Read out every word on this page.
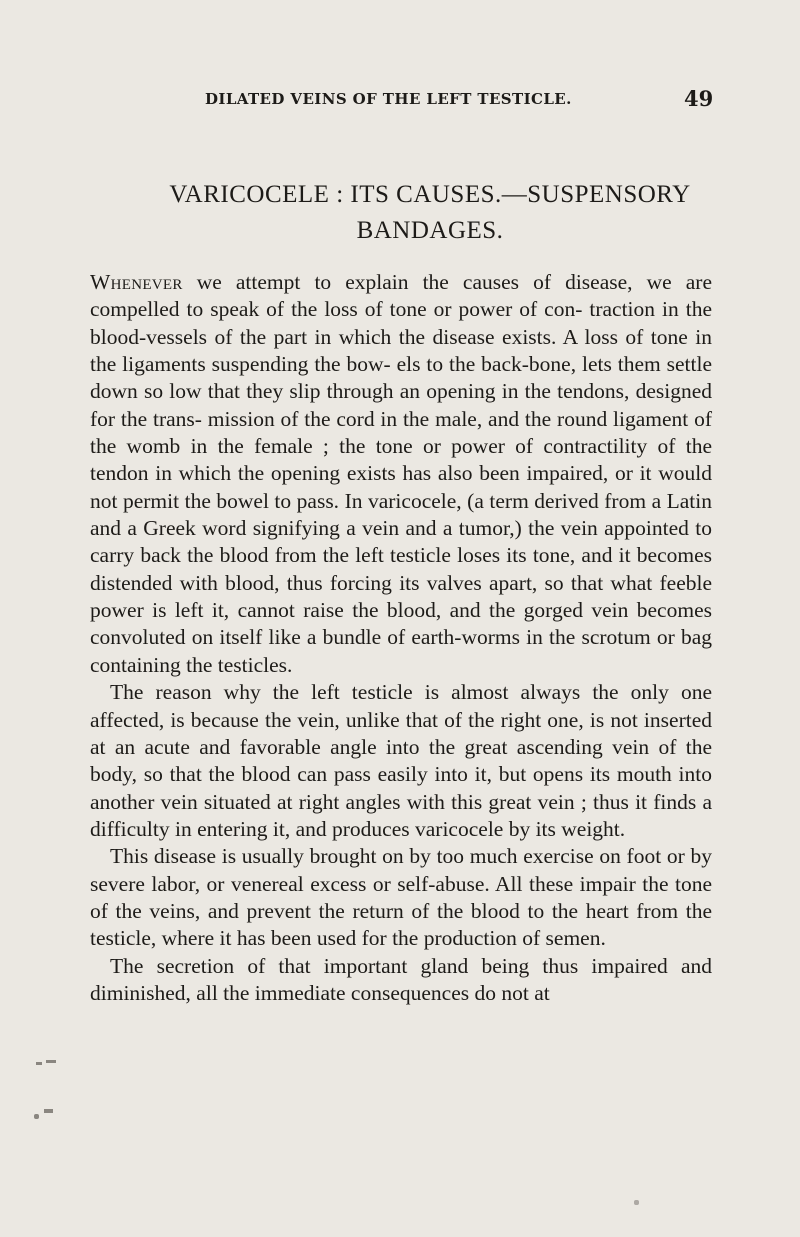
DILATED VEINS OF THE LEFT TESTICLE.	49
VARICOCELE : ITS CAUSES.—SUSPENSORY
BANDAGES.

Whenever we attempt to explain the causes of disease, we are compelled to speak of the loss of tone or power of con- traction in the blood-vessels of the part in which the disease exists. A loss of tone in the ligaments suspending the bow- els to the back-bone, lets them settle down so low that they slip through an opening in the tendons, designed for the trans- mission of the cord in the male, and the round ligament of the womb in the female ; the tone or power of contractility of the tendon in which the opening exists has also been impaired, or it would not permit the bowel to pass. In varicocele, (a term derived from a Latin and a Greek word signifying a vein and a tumor,) the vein appointed to carry back the blood from the left testicle loses its tone, and it becomes distended with blood, thus forcing its valves apart, so that what feeble power is left it, cannot raise the blood, and the gorged vein becomes convoluted on itself like a bundle of earth-worms in the scrotum or bag containing the testicles.

The reason why the left testicle is almost always the only one affected, is because the vein, unlike that of the right one, is not inserted at an acute and favorable angle into the great ascending vein of the body, so that the blood can pass easily into it, but opens its mouth into another vein situated at right angles with this great vein ; thus it finds a difficulty in entering it, and produces varicocele by its weight.

This disease is usually brought on by too much exercise on foot or by severe labor, or venereal excess or self-abuse. All these impair the tone of the veins, and prevent the return of the blood to the heart from the testicle, where it has been used for the production of semen.

The secretion of that important gland being thus impaired and diminished, all the immediate consequences do not at
